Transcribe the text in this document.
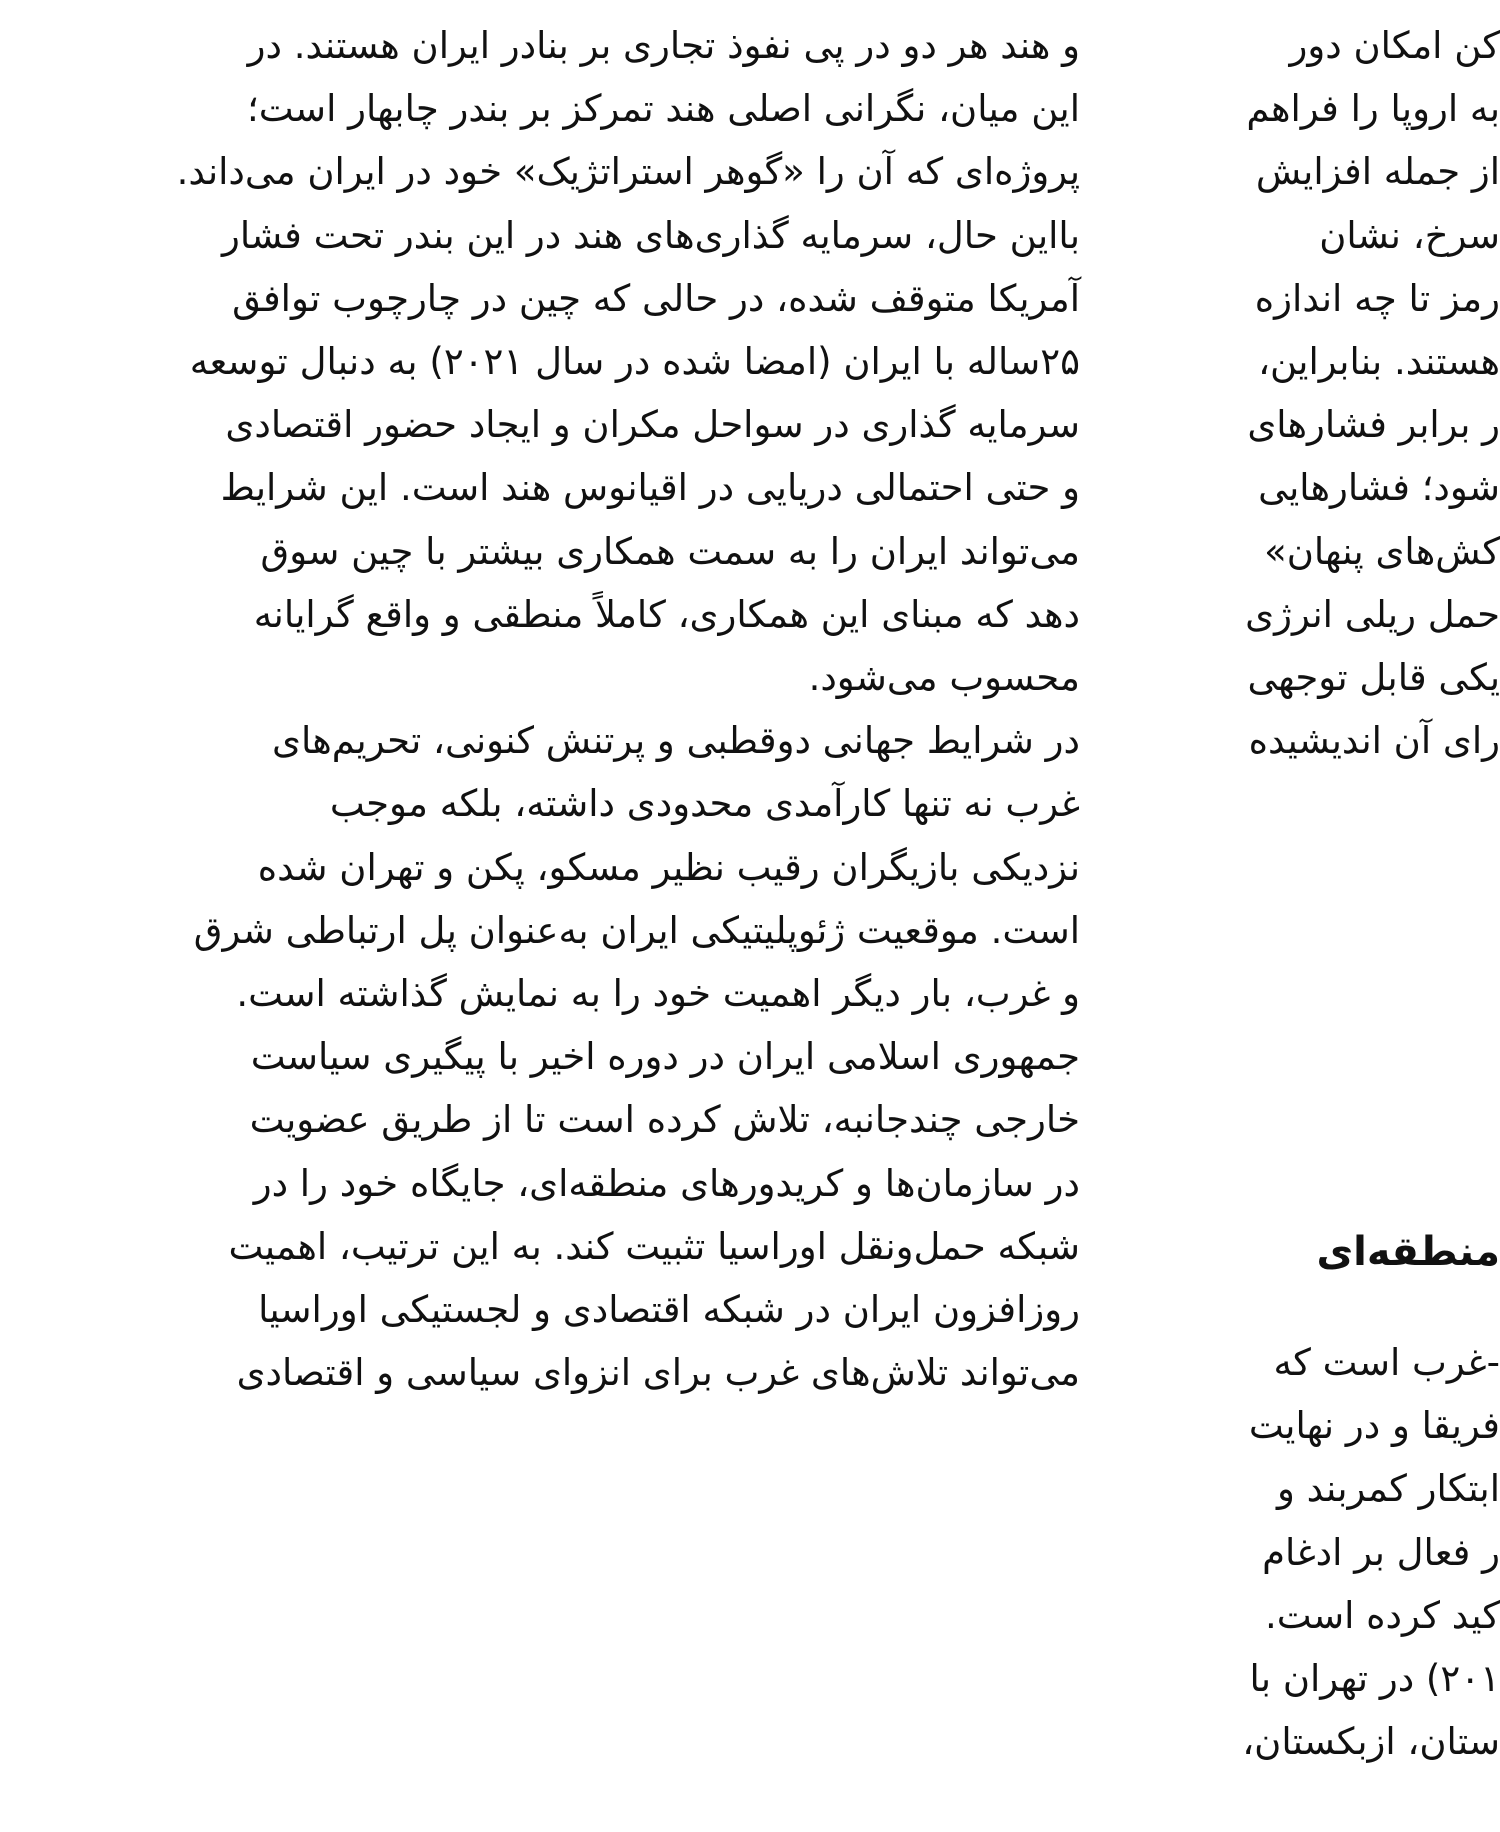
و هند هر دو در پی نفوذ تجاری بر بنادر ایران هستند. در
این میان، نگرانی اصلی هند تمرکز بر بندر چابهار است؛
پروژه‌ای که آن را «گوهر استراتژیک» خود در ایران می‌داند.
بااین حال، سرمایه گذاری‌های هند در این بندر تحت فشار
آمریکا متوقف شده، در حالی که چین در چارچوب توافق
۲۵ساله با ایران (امضا شده در سال ۲۰۲۱) به دنبال توسعه
سرمایه گذاری در سواحل مکران و ایجاد حضور اقتصادی
و حتی احتمالی دریایی در اقیانوس هند است. این شرایط
می‌تواند ایران را به سمت همکاری بیشتر با چین سوق
دهد که مبنای این همکاری، کاملاً منطقی و واقع گرایانه
محسوب می‌شود.
در شرایط جهانی دوقطبی و پرتنش کنونی، تحریم‌های
غرب نه تنها کارآمدی محدودی داشته، بلکه موجب
نزدیکی بازیگران رقیب نظیر مسکو، پکن و تهران شده
است. موقعیت ژئوپلیتیکی ایران به‌عنوان پل ارتباطی شرق
و غرب، بار دیگر اهمیت خود را به نمایش گذاشته است.
جمهوری اسلامی ایران در دوره اخیر با پیگیری سیاست
خارجی چندجانبه، تلاش کرده است تا از طریق عضویت
در سازمان‌ها و کریدورهای منطقه‌ای، جایگاه خود را در
شبکه حمل‌ونقل اوراسیا تثبیت کند. به این ترتیب، اهمیت
روزافزون ایران در شبکه اقتصادی و لجستیکی اوراسیا
می‌تواند تلاش‌های غرب برای انزوای سیاسی و اقتصادی
کن امکان دور
به اروپا را فراهم
از جمله افزایش
سرخ، نشان
رمز تا چه اندازه
هستند. بنابراین،
ر برابر فشارهای
شود؛ فشارهایی
کش‌های پنهان»
حمل ریلی انرژی
یکی قابل توجهی
رای آن اندیشیده
منطقه‌ای
-غرب است که
فریقا و در نهایت
ابتکار کمربند و
ر فعال بر ادغام
کید کرده است.
۲۰۱) در تهران با
ستان، ازبکستان،
